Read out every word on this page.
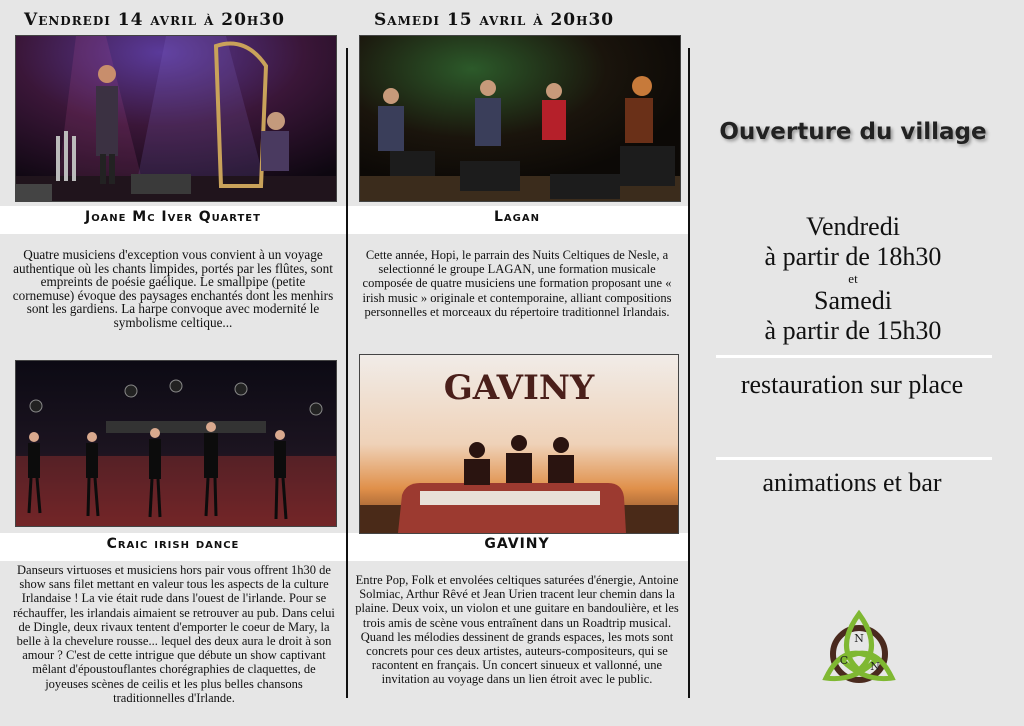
Vendredi 14 avril à 20h30
Joane Mc Iver Quartet

Quatre musiciens d'exception vous convient à un voyage authentique où les chants limpides, portés par les flûtes, sont empreints de poésie gaélique. Le smallpipe (petite cornemuse) évoque des paysages enchantés dont les menhirs sont les gardiens. La harpe convoque avec modernité le symbolisme celtique...

Craic irish dance

Danseurs virtuoses et musiciens hors pair vous offrent 1h30 de show sans filet mettant en valeur tous les aspects de la culture Irlandaise ! La vie était rude dans l'ouest de l'irlande. Pour se réchauffer, les irlandais aimaient se retrouver au pub. Dans celui de Dingle, deux rivaux tentent d'emporter le coeur de Mary, la belle à la chevelure rousse... lequel des deux aura le droit à son amour ? C'est de cette intrigue que débute un show captivant mêlant d'époustouflantes chorégraphies de claquettes, de joyeuses scènes de ceilis et les plus belles chansons traditionnelles d'Irlande.

Samedi 15 avril à 20h30
Lagan

Cette année, Hopi, le parrain des Nuits Celtiques de Nesle, a selectionné le groupe LAGAN, une formation musicale composée de quatre musiciens une formation proposant une « irish music » originale et contemporaine, alliant compositions personnelles et morceaux du répertoire traditionnel Irlandais.

GAVINY
GAVINY

Entre Pop, Folk et envolées celtiques saturées d'énergie, Antoine Solmiac, Arthur Rêvé et Jean Urien tracent leur chemin dans la plaine. Deux voix, un violon et une guitare en bandoulière, et les trois amis de scène vous entraînent dans un Roadtrip musical. Quand les mélodies dessinent de grands espaces, les mots sont concrets pour ces deux artistes, auteurs-compositeurs, qui se racontent en français. Un concert sinueux et vallonné, une invitation au voyage dans un lien étroit avec le public.

Ouverture du village
Vendredi
à partir de 18h30
et
Samedi
à partir de 15h30
restauration sur place
animations et bar
N
C N
